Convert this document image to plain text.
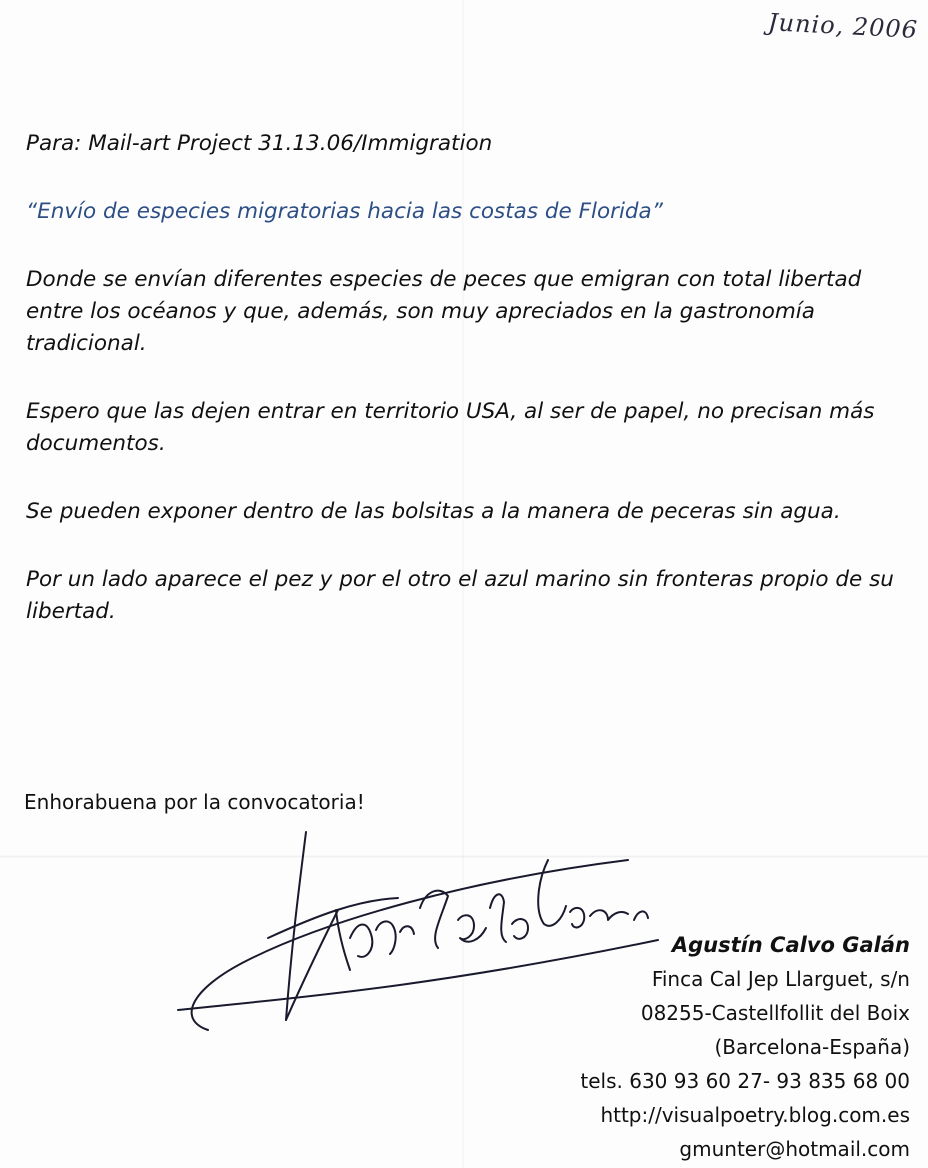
Junio, 2006
Para: Mail-art Project 31.13.06/Immigration
“Envío de especies migratorias hacia las costas de Florida”
Donde se envían diferentes especies de peces que emigran con total libertad entre los océanos y que, además, son muy apreciados en la gastronomía tradicional.
Espero que las dejen entrar en territorio USA, al ser de papel, no precisan más documentos.
Se pueden exponer dentro de las bolsitas a la manera de peceras sin agua.
Por un lado aparece el pez y por el otro el azul marino sin fronteras propio de su libertad.
Enhorabuena por la convocatoria!
Agustín Calvo Galán
Finca Cal Jep Llarguet, s/n
08255-Castellfollit del Boix
(Barcelona-España)
tels. 630 93 60 27- 93 835 68 00
http://visualpoetry.blog.com.es
gmunter@hotmail.com
